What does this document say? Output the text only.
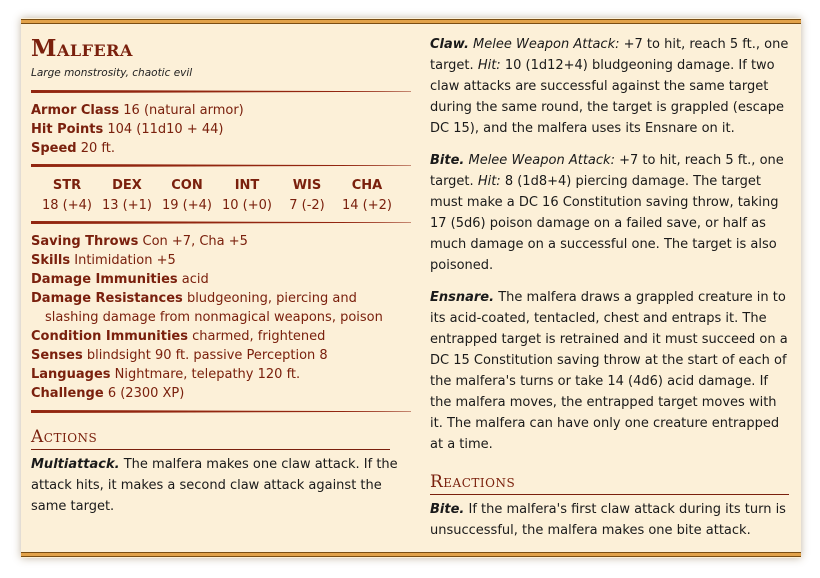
Malfera
Large monstrosity, chaotic evil
Armor Class 16 (natural armor)
Hit Points 104 (11d10 + 44)
Speed 20 ft.
STR
18 (+4)
DEX
13 (+1)
CON
19 (+4)
INT
10 (+0)
WIS
7 (-2)
CHA
14 (+2)
Saving Throws Con +7, Cha +5
Skills Intimidation +5
Damage Immunities acid
Damage Resistances bludgeoning, piercing and slashing damage from nonmagical weapons, poison
Condition Immunities charmed, frightened
Senses blindsight 90 ft. passive Perception 8
Languages Nightmare, telepathy 120 ft.
Challenge 6 (2300 XP)
Actions

Multiattack. The malfera makes one claw attack. If the attack hits, it makes a second claw attack against the same target.

Claw. Melee Weapon Attack: +7 to hit, reach 5 ft., one target. Hit: 10 (1d12+4) bludgeoning damage. If two claw attacks are successful against the same target during the same round, the target is grappled (escape DC 15), and the malfera uses its Ensnare on it.

Bite. Melee Weapon Attack: +7 to hit, reach 5 ft., one target. Hit: 8 (1d8+4) piercing damage. The target must make a DC 16 Constitution saving throw, taking 17 (5d6) poison damage on a failed save, or half as much damage on a successful one. The target is also poisoned.

Ensnare. The malfera draws a grappled creature in to its acid-coated, tentacled, chest and entraps it. The entrapped target is retrained and it must succeed on a DC 15 Constitution saving throw at the start of each of the malfera's turns or take 14 (4d6) acid damage. If the malfera moves, the entrapped target moves with it. The malfera can have only one creature entrapped at a time.

Reactions

Bite. If the malfera's first claw attack during its turn is unsuccessful, the malfera makes one bite attack.
